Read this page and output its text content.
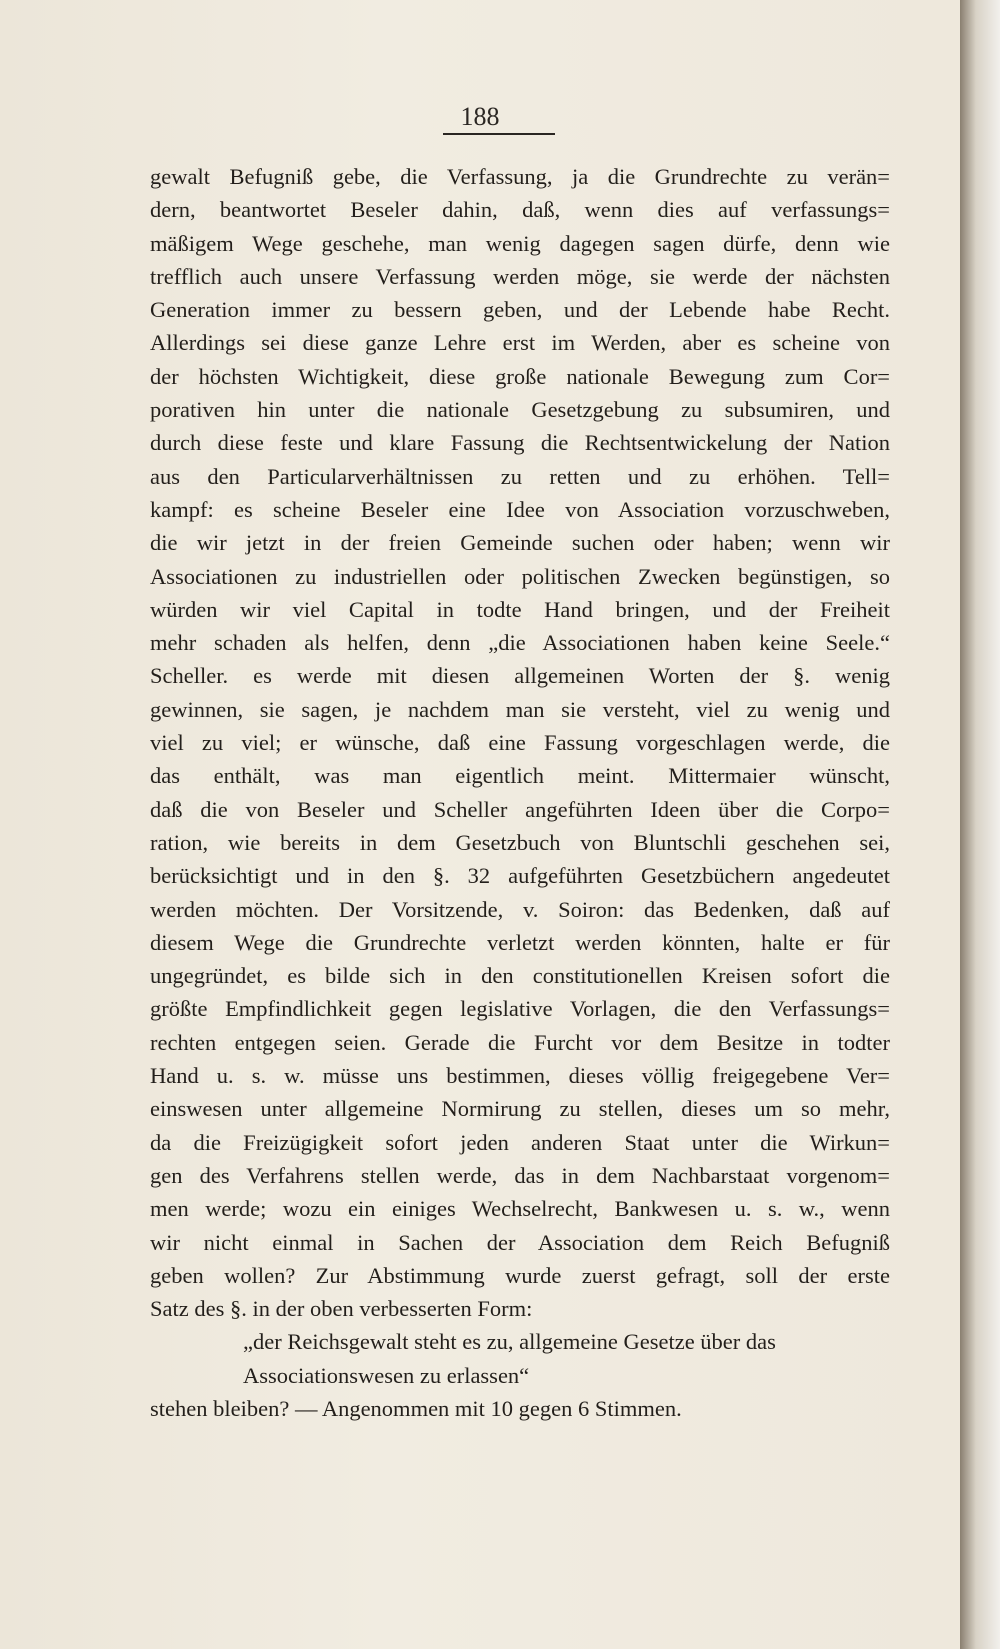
188
gewalt Befugniß gebe, die Verfassung, ja die Grundrechte zu verän=
dern, beantwortet Beseler dahin, daß, wenn dies auf verfassungs=
mäßigem Wege geschehe, man wenig dagegen sagen dürfe, denn wie
trefflich auch unsere Verfassung werden möge, sie werde der nächsten
Generation immer zu bessern geben, und der Lebende habe Recht.
Allerdings sei diese ganze Lehre erst im Werden, aber es scheine von
der höchsten Wichtigkeit, diese große nationale Bewegung zum Cor=
porativen hin unter die nationale Gesetzgebung zu subsumiren, und
durch diese feste und klare Fassung die Rechtsentwickelung der Nation
aus den Particularverhältnissen zu retten und zu erhöhen. Tell=
kampf: es scheine Beseler eine Idee von Association vorzuschweben,
die wir jetzt in der freien Gemeinde suchen oder haben; wenn wir
Associationen zu industriellen oder politischen Zwecken begünstigen, so
würden wir viel Capital in todte Hand bringen, und der Freiheit
mehr schaden als helfen, denn „die Associationen haben keine Seele.“
Scheller. es werde mit diesen allgemeinen Worten der §. wenig
gewinnen, sie sagen, je nachdem man sie versteht, viel zu wenig und
viel zu viel; er wünsche, daß eine Fassung vorgeschlagen werde, die
das enthält, was man eigentlich meint. Mittermaier wünscht,
daß die von Beseler und Scheller angeführten Ideen über die Corpo=
ration, wie bereits in dem Gesetzbuch von Bluntschli geschehen sei,
berücksichtigt und in den §. 32 aufgeführten Gesetzbüchern angedeutet
werden möchten. Der Vorsitzende, v. Soiron: das Bedenken, daß auf
diesem Wege die Grundrechte verletzt werden könnten, halte er für
ungegründet, es bilde sich in den constitutionellen Kreisen sofort die
größte Empfindlichkeit gegen legislative Vorlagen, die den Verfassungs=
rechten entgegen seien. Gerade die Furcht vor dem Besitze in todter
Hand u. s. w. müsse uns bestimmen, dieses völlig freigegebene Ver=
einswesen unter allgemeine Normirung zu stellen, dieses um so mehr,
da die Freizügigkeit sofort jeden anderen Staat unter die Wirkun=
gen des Verfahrens stellen werde, das in dem Nachbarstaat vorgenom=
men werde; wozu ein einiges Wechselrecht, Bankwesen u. s. w., wenn
wir nicht einmal in Sachen der Association dem Reich Befugniß
geben wollen? Zur Abstimmung wurde zuerst gefragt, soll der erste
Satz des §. in der oben verbesserten Form:
„der Reichsgewalt steht es zu, allgemeine Gesetze über das
Associationswesen zu erlassen“
stehen bleiben? — Angenommen mit 10 gegen 6 Stimmen.
